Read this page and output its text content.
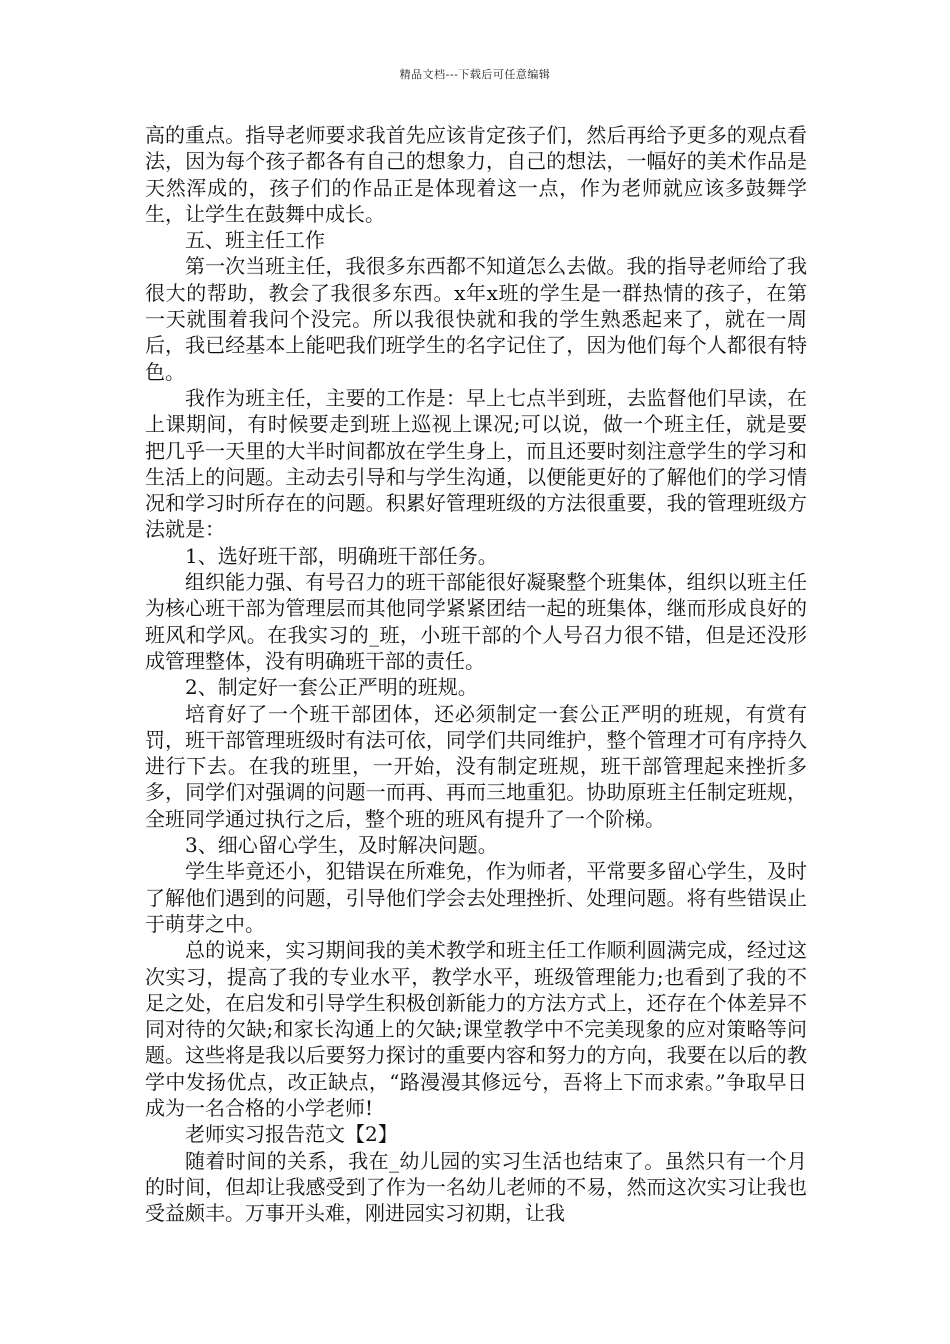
精品文档---下载后可任意编辑

高的重点。指导老师要求我首先应该肯定孩子们，然后再给予更多的观点看法，因为每个孩子都各有自己的想象力，自己的想法，一幅好的美术作品是天然浑成的，孩子们的作品正是体现着这一点，作为老师就应该多鼓舞学生，让学生在鼓舞中成长。

五、班主任工作

第一次当班主任，我很多东西都不知道怎么去做。我的指导老师给了我很大的帮助，教会了我很多东西。x年x班的学生是一群热情的孩子，在第一天就围着我问个没完。所以我很快就和我的学生熟悉起来了，就在一周后，我已经基本上能吧我们班学生的名字记住了，因为他们每个人都很有特色。

我作为班主任，主要的工作是：早上七点半到班，去监督他们早读，在上课期间，有时候要走到班上巡视上课况;可以说，做一个班主任，就是要把几乎一天里的大半时间都放在学生身上，而且还要时刻注意学生的学习和生活上的问题。主动去引导和与学生沟通，以便能更好的了解他们的学习情况和学习时所存在的问题。积累好管理班级的方法很重要，我的管理班级方法就是：

1、选好班干部，明确班干部任务。

组织能力强、有号召力的班干部能很好凝聚整个班集体，组织以班主任为核心班干部为管理层而其他同学紧紧团结一起的班集体，继而形成良好的班风和学风。在我实习的_班，小班干部的个人号召力很不错，但是还没形成管理整体，没有明确班干部的责任。

2、制定好一套公正严明的班规。

培育好了一个班干部团体，还必须制定一套公正严明的班规，有赏有罚，班干部管理班级时有法可依，同学们共同维护，整个管理才可有序持久进行下去。在我的班里，一开始，没有制定班规，班干部管理起来挫折多多，同学们对强调的问题一而再、再而三地重犯。协助原班主任制定班规，全班同学通过执行之后，整个班的班风有提升了一个阶梯。

3、细心留心学生，及时解决问题。

学生毕竟还小，犯错误在所难免，作为师者，平常要多留心学生，及时了解他们遇到的问题，引导他们学会去处理挫折、处理问题。将有些错误止于萌芽之中。

总的说来，实习期间我的美术教学和班主任工作顺利圆满完成，经过这次实习，提高了我的专业水平，教学水平，班级管理能力;也看到了我的不足之处，在启发和引导学生积极创新能力的方法方式上，还存在个体差异不同对待的欠缺;和家长沟通上的欠缺;课堂教学中不完美现象的应对策略等问题。这些将是我以后要努力探讨的重要内容和努力的方向，我要在以后的教学中发扬优点，改正缺点，“路漫漫其修远兮，吾将上下而求索。”争取早日成为一名合格的小学老师!

老师实习报告范文【2】

随着时间的关系，我在_幼儿园的实习生活也结束了。虽然只有一个月的时间，但却让我感受到了作为一名幼儿老师的不易，然而这次实习让我也受益颇丰。万事开头难，刚进园实习初期，让我
